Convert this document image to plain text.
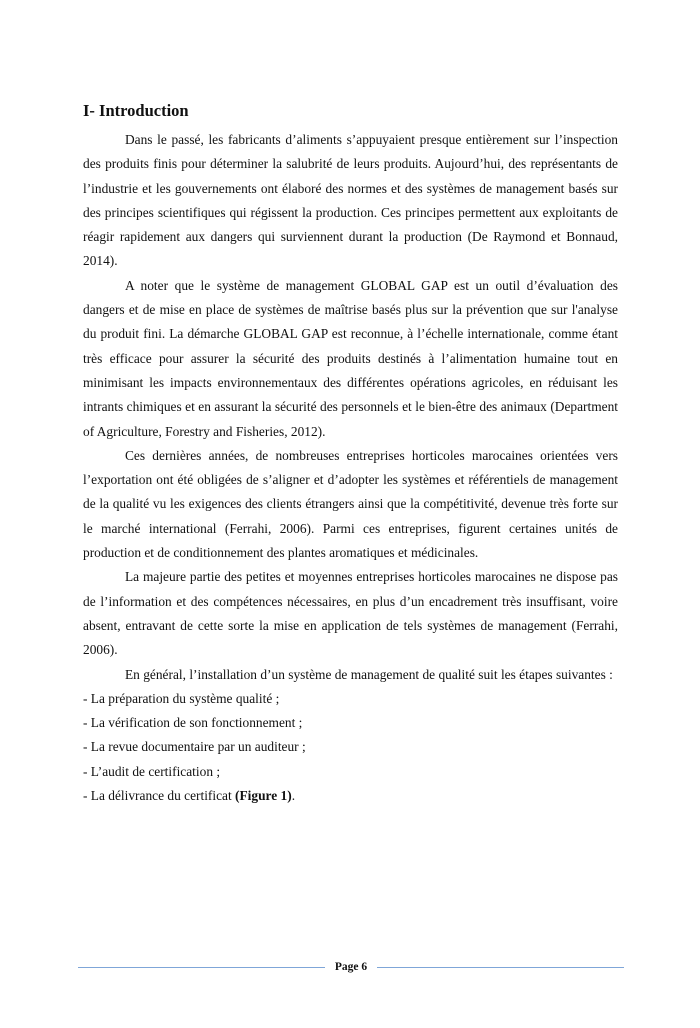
I- Introduction

Dans le passé, les fabricants d’aliments s’appuyaient presque entièrement sur l’inspection des produits finis pour déterminer la salubrité de leurs produits. Aujourd’hui, des représentants de l’industrie et les gouvernements ont élaboré des normes et des systèmes de management basés sur des principes scientifiques qui régissent la production. Ces principes permettent aux exploitants de réagir rapidement aux dangers qui surviennent durant la production (De Raymond et Bonnaud, 2014).

A noter que le système de management GLOBAL GAP est un outil d’évaluation des dangers et de mise en place de systèmes de maîtrise basés plus sur la prévention que sur l'analyse du produit fini. La démarche GLOBAL GAP est reconnue, à l’échelle internationale, comme étant très efficace pour assurer la sécurité des produits destinés à l’alimentation humaine tout en minimisant les impacts environnementaux des différentes opérations agricoles, en réduisant les intrants chimiques et en assurant la sécurité des personnels et le bien-être des animaux (Department of Agriculture, Forestry and Fisheries, 2012).

Ces dernières années, de nombreuses entreprises horticoles marocaines orientées vers l’exportation ont été obligées de s’aligner et d’adopter les systèmes et référentiels de management de la qualité vu les exigences des clients étrangers ainsi que la compétitivité, devenue très forte sur le marché international (Ferrahi, 2006). Parmi ces entreprises, figurent certaines unités de production et de conditionnement des plantes aromatiques et médicinales.

La majeure partie des petites et moyennes entreprises horticoles marocaines ne dispose pas de l’information et des compétences nécessaires, en plus d’un encadrement très insuffisant, voire absent, entravant de cette sorte la mise en application de tels systèmes de management (Ferrahi, 2006).

En général, l’installation d’un système de management de qualité suit les étapes suivantes :

- La préparation du système qualité ;
- La vérification de son fonctionnement ;
- La revue documentaire par un auditeur ;
- L’audit de certification ;
- La délivrance du certificat (Figure 1).
Page 6
